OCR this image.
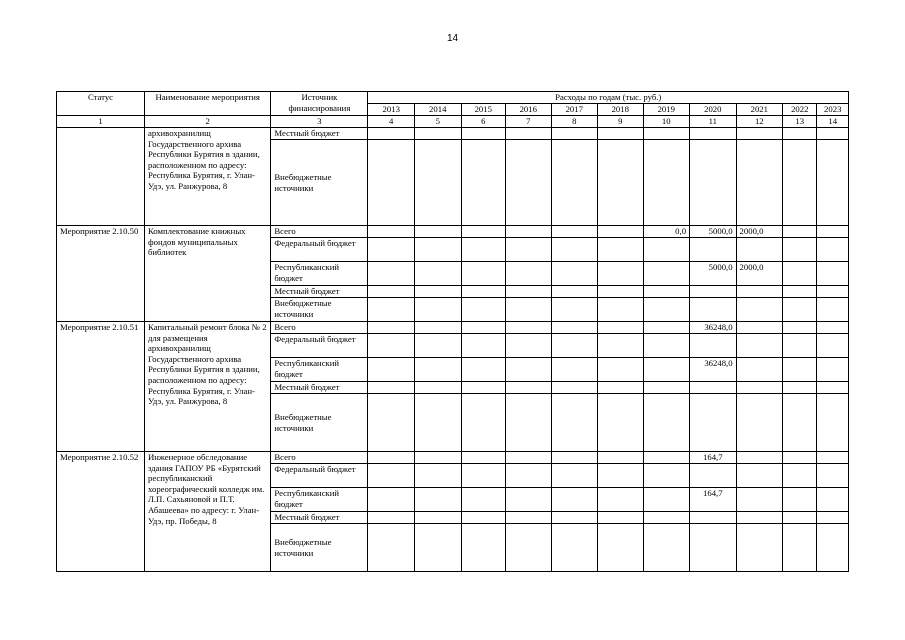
14
Статус	Наименование мероприятия	Источник финансирования	Расходы по годам (тыс. руб.)										
			2013	2014	2015	2016	2017	2018	2019	2020	2021	2022	2023
1	2	3	4	5	6	7	8	9	10	11	12	13	14
	архивохранилищ Государственного архива Республики Бурятия в здании, расположенном по адресу: Республика Бурятия, г. Улан-Удэ, ул. Ранжурова, 8	Местный бюджет											
		Внебюджетные источники											
Мероприятие 2.10.50	Комплектование книжных фондов муниципальных библиотек	Всего							0,0	5000,0	2000,0		
		Федеральный бюджет											
		Республиканский бюджет								5000,0	2000,0		
		Местный бюджет											
		Внебюджетные источники											
Мероприятие 2.10.51	Капитальный ремонт блока № 2 для размещения архивохранилищ Государственного архива Республики Бурятия в здании, расположенном по адресу: Республика Бурятия, г. Улан-Удэ, ул. Ранжурова, 8	Всего								36248,0			
		Федеральный бюджет											
		Республиканский бюджет								36248,0			
		Местный бюджет											
		Внебюджетные источники											
Мероприятие 2.10.52	Инженерное обследование здания ГАПОУ РБ «Бурятский республиканский хореографический колледж им. Л.П. Сахьяновой и П.Т. Абашеева» по адресу: г. Улан-Удэ, пр. Победы, 8	Всего								164,7			
		Федеральный бюджет											
		Республиканский бюджет								164,7			
		Местный бюджет											
		Внебюджетные источники											
